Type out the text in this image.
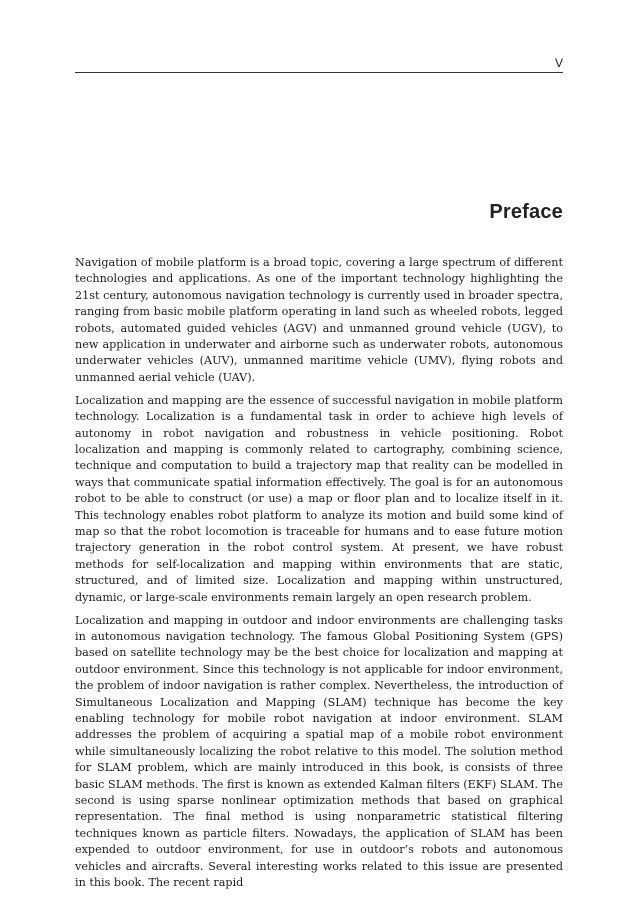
V
Preface

Navigation of mobile platform is a broad topic, covering a large spectrum of different technologies and applications. As one of the important technology highlighting the 21st century, autonomous navigation technology is currently used in broader spectra, ranging from basic mobile platform operating in land such as wheeled robots, legged robots, automated guided vehicles (AGV) and unmanned ground vehicle (UGV), to new application in underwater and airborne such as underwater robots, autonomous underwater vehicles (AUV), unmanned maritime vehicle (UMV), flying robots and unmanned aerial vehicle (UAV).

Localization and mapping are the essence of successful navigation in mobile platform technology. Localization is a fundamental task in order to achieve high levels of autonomy in robot navigation and robustness in vehicle positioning. Robot localization and mapping is commonly related to cartography, combining science, technique and computation to build a trajectory map that reality can be modelled in ways that communicate spatial information effectively. The goal is for an autonomous robot to be able to construct (or use) a map or floor plan and to localize itself in it. This technology enables robot platform to analyze its motion and build some kind of map so that the robot locomotion is traceable for humans and to ease future motion trajectory generation in the robot control system. At present, we have robust methods for self-localization and mapping within environments that are static, structured, and of limited size. Localization and mapping within unstructured, dynamic, or large-scale environments remain largely an open research problem.

Localization and mapping in outdoor and indoor environments are challenging tasks in autonomous navigation technology. The famous Global Positioning System (GPS) based on satellite technology may be the best choice for localization and mapping at outdoor environment. Since this technology is not applicable for indoor environment, the problem of indoor navigation is rather complex. Nevertheless, the introduction of Simultaneous Localization and Mapping (SLAM) technique has become the key enabling technology for mobile robot navigation at indoor environment. SLAM addresses the problem of acquiring a spatial map of a mobile robot environment while simultaneously localizing the robot relative to this model. The solution method for SLAM problem, which are mainly introduced in this book, is consists of three basic SLAM methods. The first is known as extended Kalman filters (EKF) SLAM. The second is using sparse nonlinear optimization methods that based on graphical representation. The final method is using nonparametric statistical filtering techniques known as particle filters. Nowadays, the application of SLAM has been expended to outdoor environment, for use in outdoor’s robots and autonomous vehicles and aircrafts. Several interesting works related to this issue are presented in this book. The recent rapid
